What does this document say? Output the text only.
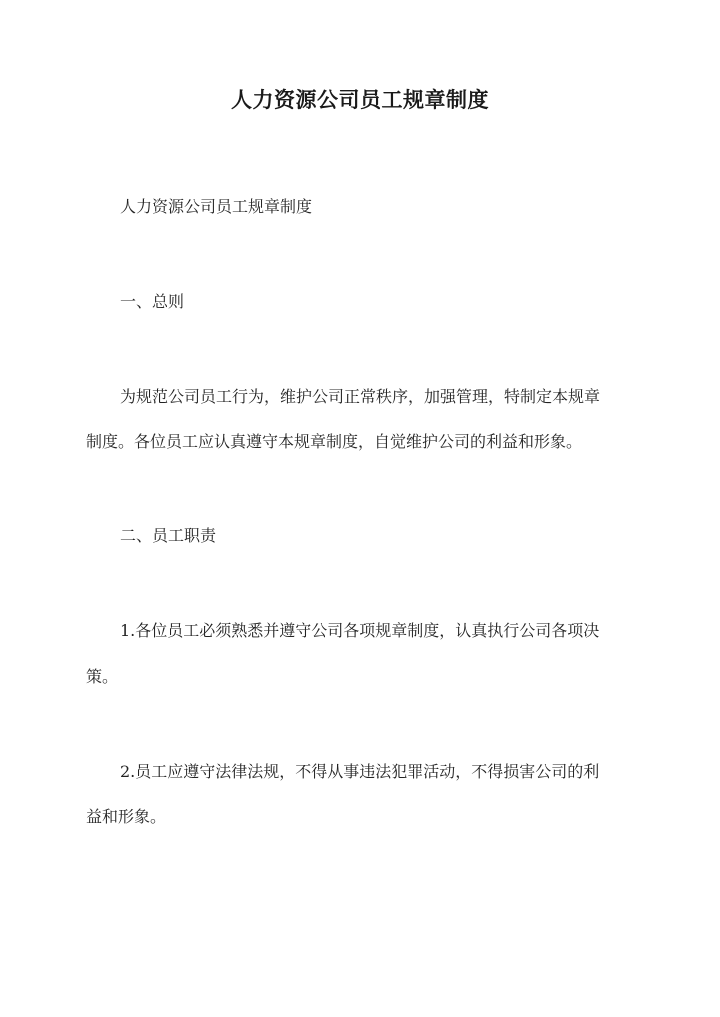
人力资源公司员工规章制度
人力资源公司员工规章制度
一、总则
为规范公司员工行为，维护公司正常秩序，加强管理，特制定本规章
制度。各位员工应认真遵守本规章制度，自觉维护公司的利益和形象。
二、员工职责
1.各位员工必须熟悉并遵守公司各项规章制度，认真执行公司各项决
策。
2.员工应遵守法律法规，不得从事违法犯罪活动，不得损害公司的利
益和形象。
